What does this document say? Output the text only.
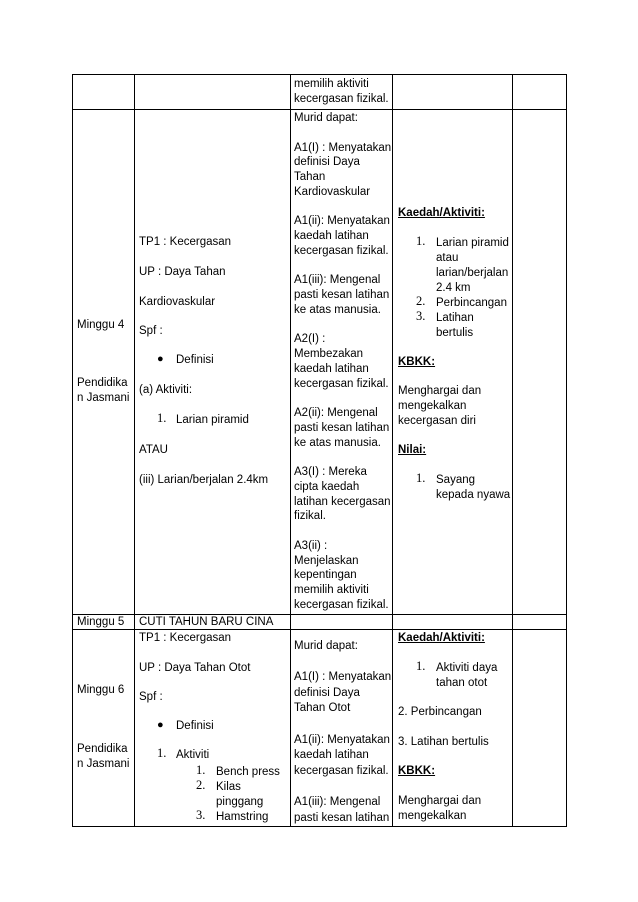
memilih aktiviti
kecergasan fizikal.
Minggu 4
Pendidika
n Jasmani
TP1 : Kecergasan
UP : Daya Tahan
Kardiovaskular
Spf :
● Definisi
(a) Aktiviti:
1. Larian piramid
ATAU
(iii) Larian/berjalan 2.4km
Murid dapat:
A1(I) : Menyatakan
definisi Daya
Tahan
Kardiovaskular
A1(ii): Menyatakan
kaedah latihan
kecergasan fizikal.
A1(iii): Mengenal
pasti kesan latihan
ke atas manusia.
A2(I) :
Membezakan
kaedah latihan
kecergasan fizikal.
A2(ii): Mengenal
pasti kesan latihan
ke atas manusia.
A3(I) : Mereka
cipta kaedah
latihan kecergasan
fizikal.
A3(ii) :
Menjelaskan
kepentingan
memilih aktiviti
kecergasan fizikal.
Kaedah/Aktiviti:
1. Larian piramid
atau
larian/berjalan
2.4 km
2. Perbincangan
3. Latihan
bertulis
KBKK:
Menghargai dan
mengekalkan
kecergasan diri
Nilai:
1. Sayang
kepada nyawa
Minggu 5 CUTI TAHUN BARU CINA
Minggu 6
Pendidika
n Jasmani
TP1 : Kecergasan
UP : Daya Tahan Otot
Spf :
● Definisi
1. Aktiviti
1. Bench press
2. Kilas
pinggang
3. Hamstring
Murid dapat:
A1(I) : Menyatakan
definisi Daya
Tahan Otot
A1(ii): Menyatakan
kaedah latihan
kecergasan fizikal.
A1(iii): Mengenal
pasti kesan latihan
Kaedah/Aktiviti:
1. Aktiviti daya
tahan otot
2. Perbincangan
3. Latihan bertulis
KBKK:
Menghargai dan
mengekalkan
